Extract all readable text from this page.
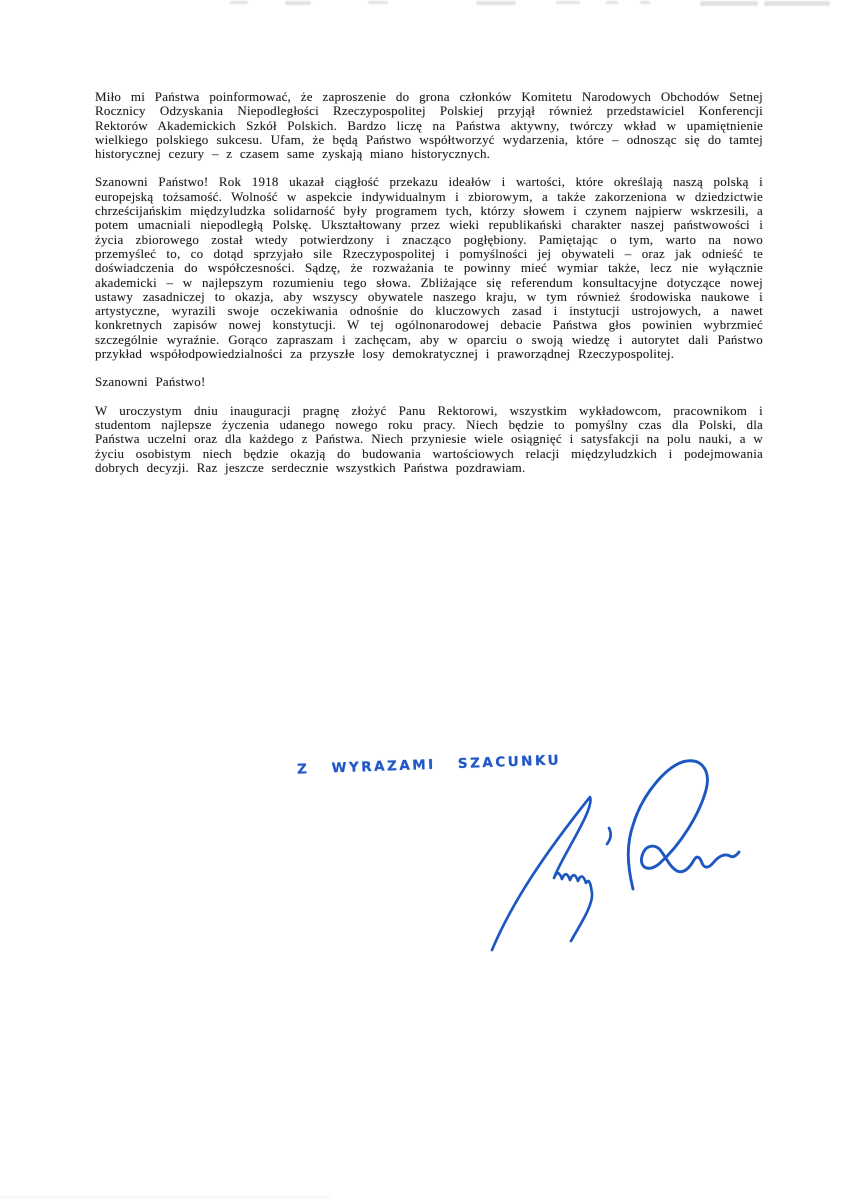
Miło mi Państwa poinformować, że zaproszenie do grona członków Komitetu Narodowych Obchodów Setnej Rocznicy Odzyskania Niepodległości Rzeczypospolitej Polskiej przyjął również przedstawiciel Konferencji Rektorów Akademickich Szkół Polskich. Bardzo liczę na Państwa aktywny, twórczy wkład w upamiętnienie wielkiego polskiego sukcesu. Ufam, że będą Państwo współtworzyć wydarzenia, które – odnosząc się do tamtej historycznej cezury – z czasem same zyskają miano historycznych.

Szanowni Państwo! Rok 1918 ukazał ciągłość przekazu ideałów i wartości, które określają naszą polską i europejską tożsamość. Wolność w aspekcie indywidualnym i zbiorowym, a także zakorzeniona w dziedzictwie chrześcijańskim międzyludzka solidarność były programem tych, którzy słowem i czynem najpierw wskrzesili, a potem umacniali niepodległą Polskę. Ukształtowany przez wieki republikański charakter naszej państwowości i życia zbiorowego został wtedy potwierdzony i znacząco pogłębiony. Pamiętając o tym, warto na nowo przemyśleć to, co dotąd sprzyjało sile Rzeczypospolitej i pomyślności jej obywateli – oraz jak odnieść te doświadczenia do współczesności. Sądzę, że rozważania te powinny mieć wymiar także, lecz nie wyłącznie akademicki – w najlepszym rozumieniu tego słowa. Zbliżające się referendum konsultacyjne dotyczące nowej ustawy zasadniczej to okazja, aby wszyscy obywatele naszego kraju, w tym również środowiska naukowe i artystyczne, wyrazili swoje oczekiwania odnośnie do kluczowych zasad i instytucji ustrojowych, a nawet konkretnych zapisów nowej konstytucji. W tej ogólnonarodowej debacie Państwa głos powinien wybrzmieć szczególnie wyraźnie. Gorąco zapraszam i zachęcam, aby w oparciu o swoją wiedzę i autorytet dali Państwo przykład współodpowiedzialności za przyszłe losy demokratycznej i praworządnej Rzeczypospolitej.

Szanowni Państwo!

W uroczystym dniu inauguracji pragnę złożyć Panu Rektorowi, wszystkim wykładowcom, pracownikom i studentom najlepsze życzenia udanego nowego roku pracy. Niech będzie to pomyślny czas dla Polski, dla Państwa uczelni oraz dla każdego z Państwa. Niech przyniesie wiele osiągnięć i satysfakcji na polu nauki, a w życiu osobistym niech będzie okazją do budowania wartościowych relacji międzyludzkich i podejmowania dobrych decyzji. Raz jeszcze serdecznie wszystkich Państwa pozdrawiam.

Z WYRAZAMI SZACUNKU
